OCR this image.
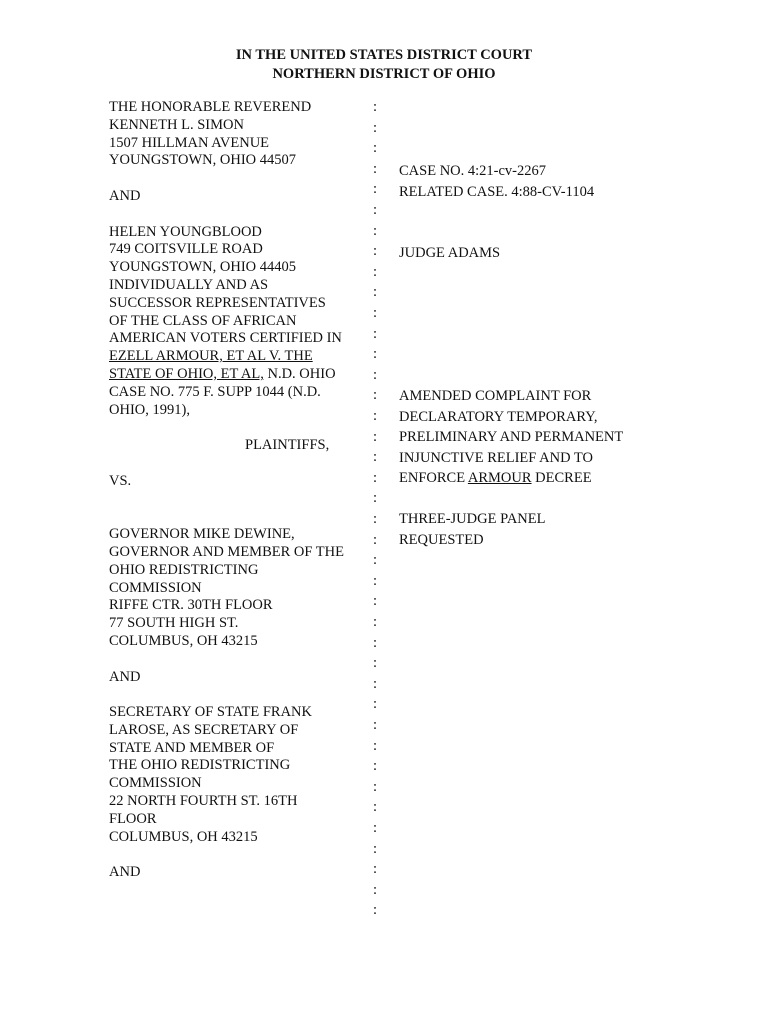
IN THE UNITED STATES DISTRICT COURT
NORTHERN DISTRICT OF OHIO
THE HONORABLE REVEREND
KENNETH L. SIMON
1507 HILLMAN AVENUE
YOUNGSTOWN, OHIO 44507
AND
HELEN YOUNGBLOOD
749 COITSVILLE ROAD
YOUNGSTOWN, OHIO 44405
INDIVIDUALLY AND AS
SUCCESSOR REPRESENTATIVES
OF THE CLASS OF AFRICAN
AMERICAN VOTERS CERTIFIED IN
EZELL ARMOUR, ET AL V. THE
STATE OF OHIO, ET AL, N.D. OHIO
CASE NO. 775 F. SUPP 1044 (N.D.
OHIO, 1991),
PLAINTIFFS,
VS.
GOVERNOR MIKE DEWINE,
GOVERNOR AND MEMBER OF THE
OHIO REDISTRICTING
COMMISSION
RIFFE CTR. 30TH FLOOR
77 SOUTH HIGH ST.
COLUMBUS, OH 43215
AND
SECRETARY OF STATE FRANK
LAROSE, AS SECRETARY OF
STATE AND MEMBER OF
THE OHIO REDISTRICTING
COMMISSION
22 NORTH FOURTH ST. 16TH
FLOOR
COLUMBUS, OH 43215
AND
:
:
:
:
:
:
:
:
:
:
:
:
:
:
:
:
:
:
:
:
:
:
:
:
:
:
:
:
:
:
:
:
:
:
:
:
:
:
:
:
CASE NO. 4:21-cv-2267
RELATED CASE. 4:88-CV-1104
JUDGE ADAMS
AMENDED COMPLAINT FOR
DECLARATORY TEMPORARY,
PRELIMINARY AND PERMANENT
INJUNCTIVE RELIEF AND TO
ENFORCE ARMOUR DECREE
THREE-JUDGE PANEL
REQUESTED
